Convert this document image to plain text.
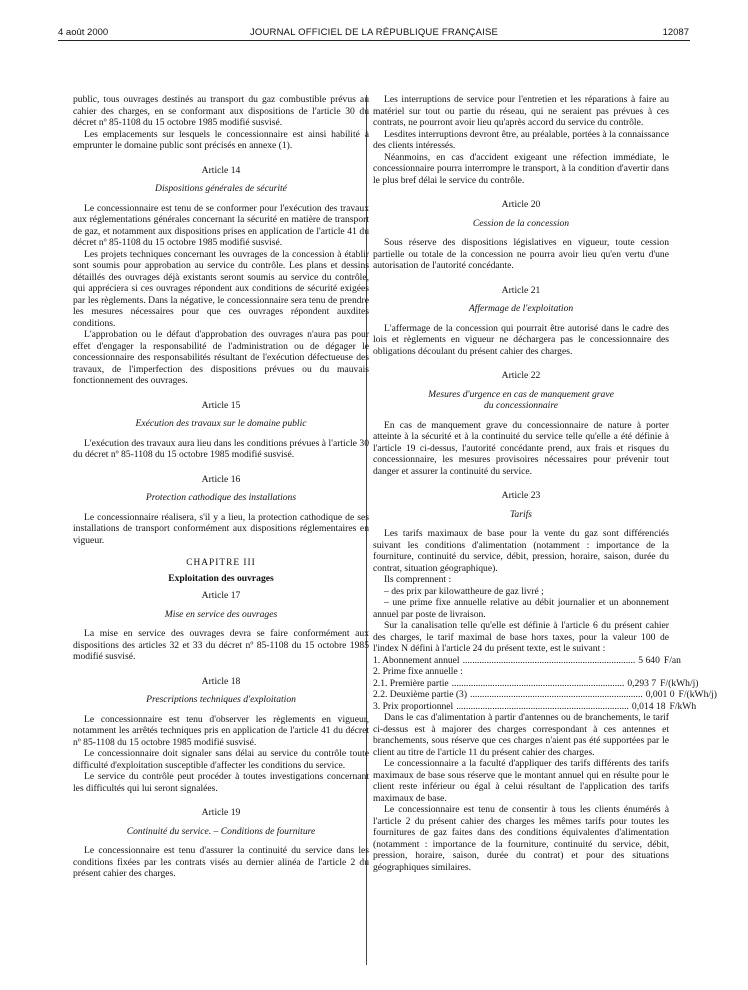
4 août 2000	JOURNAL OFFICIEL DE LA RÉPUBLIQUE FRANÇAISE	12087

public, tous ouvrages destinés au transport du gaz combustible prévus au cahier des charges, en se conformant aux dispositions de l'article 30 du décret nº 85-1108 du 15 octobre 1985 modifié susvisé.

Les emplacements sur lesquels le concessionnaire est ainsi habilité à emprunter le domaine public sont précisés en annexe (1).

Article 14
Dispositions générales de sécurité

Le concessionnaire est tenu de se conformer pour l'exécution des travaux aux réglementations générales concernant la sécurité en matière de transport de gaz, et notamment aux dispositions prises en application de l'article 41 du décret nº 85-1108 du 15 octobre 1985 modifié susvisé.

Les projets techniques concernant les ouvrages de la concession à établir sont soumis pour approbation au service du contrôle. Les plans et dessins détaillés des ouvrages déjà existants seront soumis au service du contrôle, qui appréciera si ces ouvrages répondent aux conditions de sécurité exigées par les règlements. Dans la négative, le concessionnaire sera tenu de prendre les mesures nécessaires pour que ces ouvrages répondent auxdites conditions.

L'approbation ou le défaut d'approbation des ouvrages n'aura pas pour effet d'engager la responsabilité de l'administration ou de dégager le concessionnaire des responsabilités résultant de l'exécution défectueuse des travaux, de l'imperfection des dispositions prévues ou du mauvais fonctionnement des ouvrages.

Article 15
Exécution des travaux sur le domaine public

L'exécution des travaux aura lieu dans les conditions prévues à l'article 30 du décret nº 85-1108 du 15 octobre 1985 modifié susvisé.

Article 16
Protection cathodique des installations

Le concessionnaire réalisera, s'il y a lieu, la protection cathodique de ses installations de transport conformément aux dispositions réglementaires en vigueur.

CHAPITRE III
Exploitation des ouvrages
Article 17
Mise en service des ouvrages

La mise en service des ouvrages devra se faire conformément aux dispositions des articles 32 et 33 du décret nº 85-1108 du 15 octobre 1985 modifié susvisé.

Article 18
Prescriptions techniques d'exploitation

Le concessionnaire est tenu d'observer les règlements en vigueur, notamment les arrêtés techniques pris en application de l'article 41 du décret nº 85-1108 du 15 octobre 1985 modifié susvisé.

Le concessionnaire doit signaler sans délai au service du contrôle toute difficulté d'exploitation susceptible d'affecter les conditions du service.

Le service du contrôle peut procéder à toutes investigations concernant les difficultés qui lui seront signalées.

Article 19
Continuité du service. – Conditions de fourniture

Le concessionnaire est tenu d'assurer la continuité du service dans les conditions fixées par les contrats visés au dernier alinéa de l'article 2 du présent cahier des charges.

Les interruptions de service pour l'entretien et les réparations à faire au matériel sur tout ou partie du réseau, qui ne seraient pas prévues à ces contrats, ne pourront avoir lieu qu'après accord du service du contrôle.

Lesdites interruptions devront être, au préalable, portées à la connaissance des clients intéressés.

Néanmoins, en cas d'accident exigeant une réfection immédiate, le concessionnaire pourra interrompre le transport, à la condition d'avertir dans le plus bref délai le service du contrôle.

Article 20
Cession de la concession

Sous réserve des dispositions législatives en vigueur, toute cession partielle ou totale de la concession ne pourra avoir lieu qu'en vertu d'une autorisation de l'autorité concédante.

Article 21
Affermage de l'exploitation

L'affermage de la concession qui pourrait être autorisé dans le cadre des lois et règlements en vigueur ne déchargera pas le concessionnaire des obligations découlant du présent cahier des charges.

Article 22
Mesures d'urgence en cas de manquement grave
du concessionnaire

En cas de manquement grave du concessionnaire de nature à porter atteinte à la sécurité et à la continuité du service telle qu'elle a été définie à l'article 19 ci-dessus, l'autorité concédante prend, aux frais et risques du concessionnaire, les mesures provisoires nécessaires pour prévenir tout danger et assurer la continuité du service.

Article 23
Tarifs

Les tarifs maximaux de base pour la vente du gaz sont différenciés suivant les conditions d'alimentation (notamment : importance de la fourniture, continuité du service, débit, pression, horaire, saison, durée du contrat, situation géographique).

Ils comprennent :

– des prix par kilowattheure de gaz livré ;
– une prime fixe annuelle relative au débit journalier et un abonnement annuel par poste de livraison.

Sur la canalisation telle qu'elle est définie à l'article 6 du présent cahier des charges, le tarif maximal de base hors taxes, pour la valeur 100 de l'index N défini à l'article 24 du présent texte, est le suivant :

1. Abonnement annuel ........................................................................ 5 640 F/an
2. Prime fixe annuelle :
2.1. Première partie ........................................................................ 0,293 7 F/(kWh/j)
2.2. Deuxième partie (3) ........................................................................ 0,001 0 F/(kWh/j)
3. Prix proportionnel ........................................................................ 0,014 18 F/kWh

Dans le cas d'alimentation à partir d'antennes ou de branchements, le tarif ci-dessus est à majorer des charges correspondant à ces antennes et branchements, sous réserve que ces charges n'aient pas été supportées par le client au titre de l'article 11 du présent cahier des charges.

Le concessionnaire a la faculté d'appliquer des tarifs différents des tarifs maximaux de base sous réserve que le montant annuel qui en résulte pour le client reste inférieur ou égal à celui résultant de l'application des tarifs maximaux de base.

Le concessionnaire est tenu de consentir à tous les clients énumérés à l'article 2 du présent cahier des charges les mêmes tarifs pour toutes les fournitures de gaz faites dans des conditions équivalentes d'alimentation (notamment : importance de la fourniture, continuité du service, débit, pression, horaire, saison, durée du contrat) et pour des situations géographiques similaires.
